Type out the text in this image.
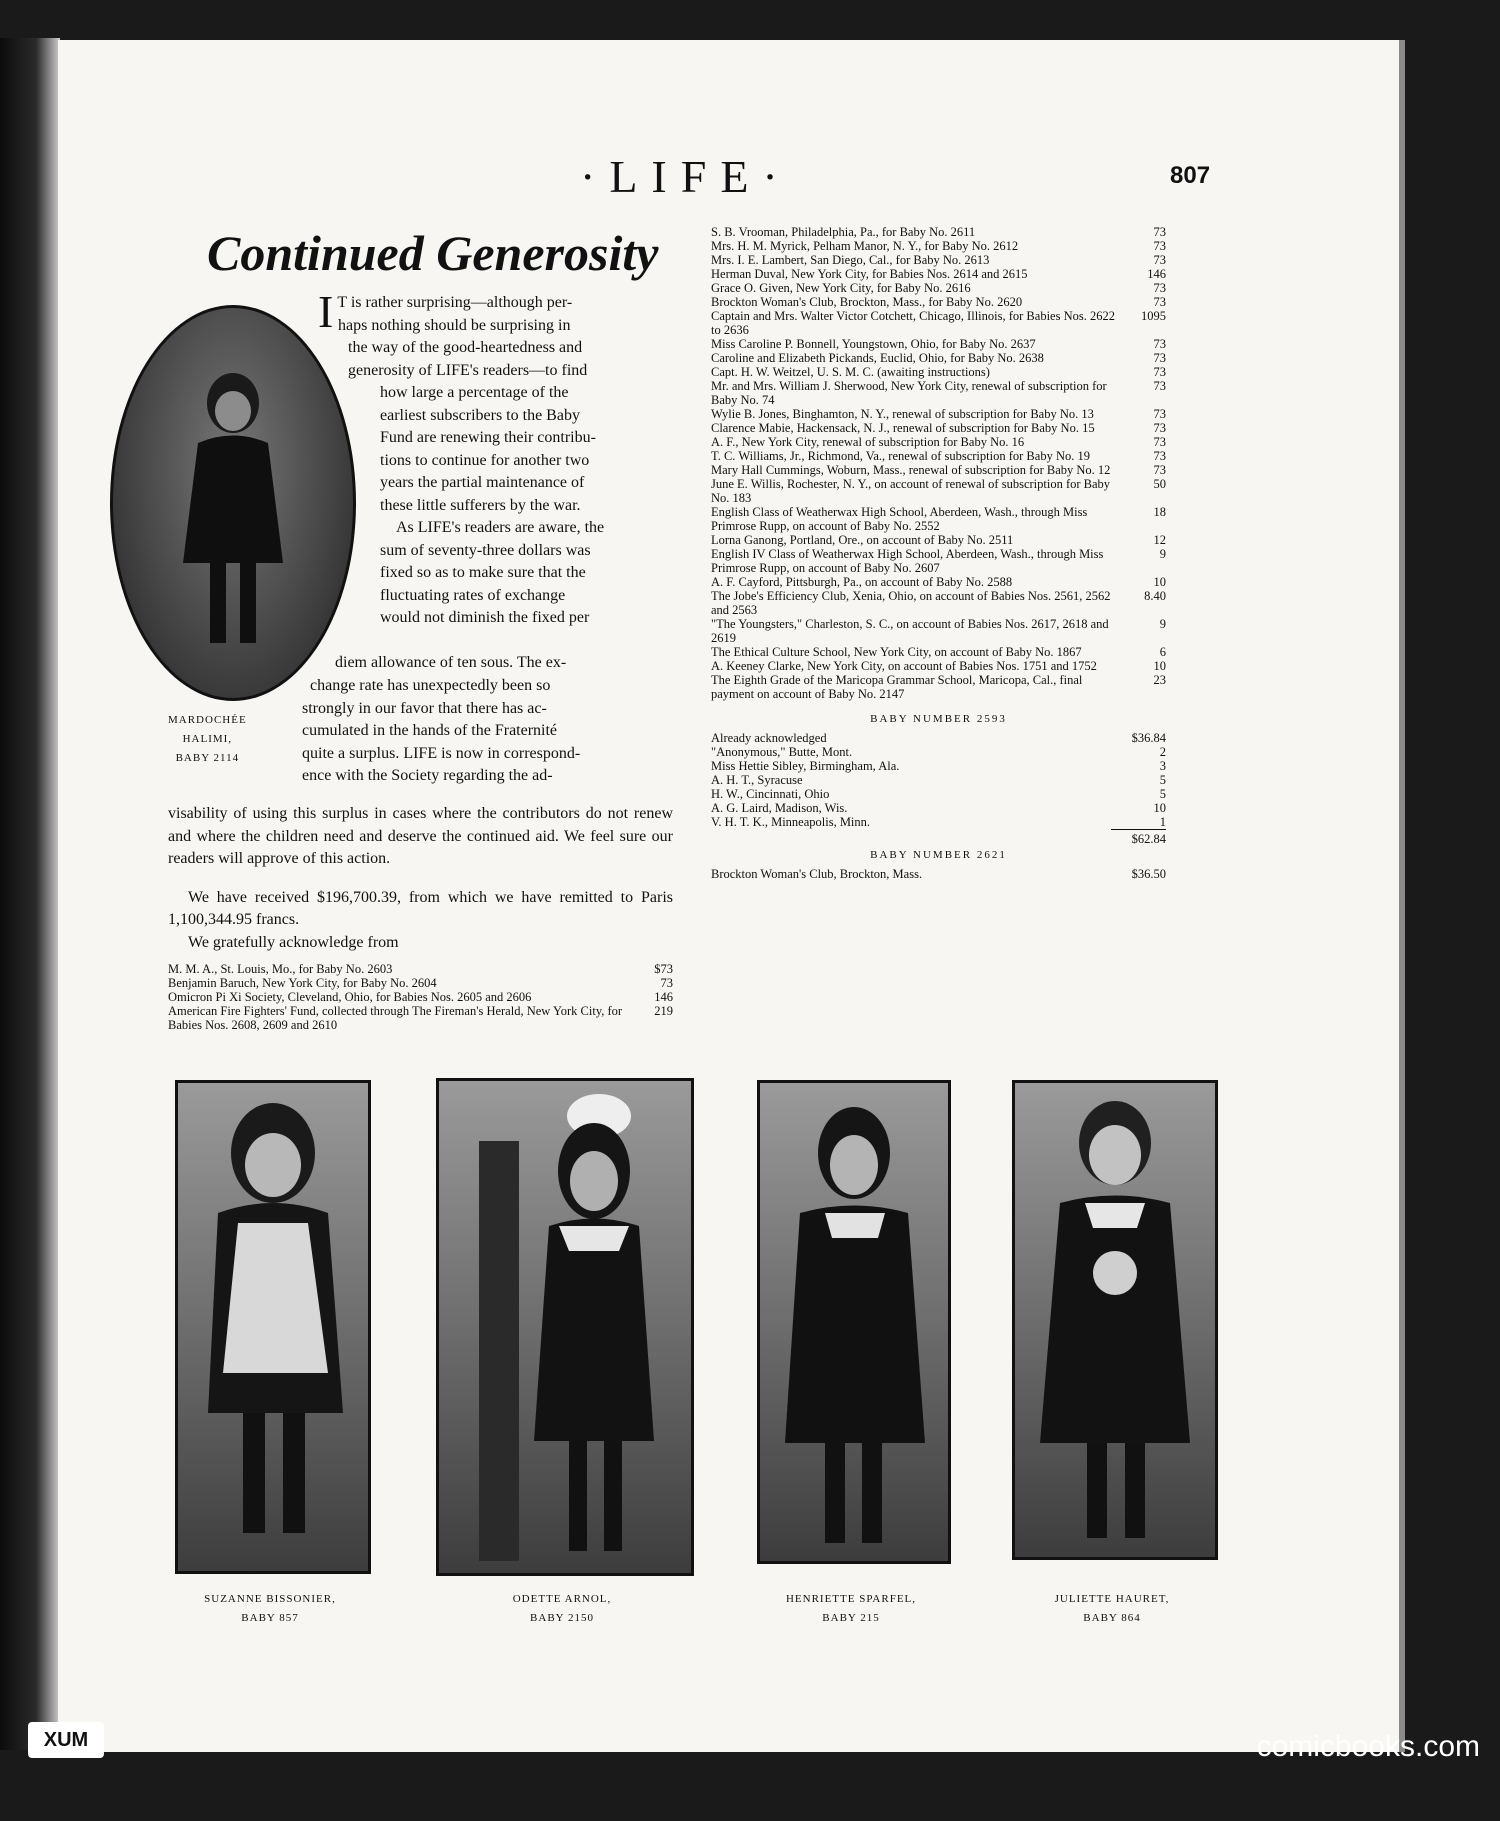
·LIFE·	807
Continued Generosity
MARDOCHÉE
HALIMI,
BABY 2114
I T is rather surprising—although per-
haps nothing should be surprising in
the way of the good-heartedness and
generosity of LIFE's readers—to find
how large a percentage of the
earliest subscribers to the Baby
Fund are renewing their contribu-
tions to continue for another two
years the partial maintenance of
these little sufferers by the war.
As LIFE's readers are aware, the
sum of seventy-three dollars was
fixed so as to make sure that the
fluctuating rates of exchange
would not diminish the fixed per
diem allowance of ten sous. The ex-
change rate has unexpectedly been so
strongly in our favor that there has ac-
cumulated in the hands of the Fraternité
quite a surplus. LIFE is now in correspond-
ence with the Society regarding the ad-

visability of using this surplus in cases where the contributors do not renew and where the children need and deserve the continued aid. We feel sure our readers will approve of this action.

We have received $196,700.39, from which we have remitted to Paris 1,100,344.95 francs.

We gratefully acknowledge from

M. M. A., St. Louis, Mo., for Baby No. 2603	$73
Benjamin Baruch, New York City, for Baby No. 2604	73
Omicron Pi Xi Society, Cleveland, Ohio, for Babies Nos. 2605 and 2606	146
American Fire Fighters' Fund, collected through The Fireman's Herald, New York City, for Babies Nos. 2608, 2609 and 2610
219
S. B. Vrooman, Philadelphia, Pa., for Baby No. 2611	73
Mrs. H. M. Myrick, Pelham Manor, N. Y., for Baby No. 2612	73
Mrs. I. E. Lambert, San Diego, Cal., for Baby No. 2613	73
Herman Duval, New York City, for Babies Nos. 2614 and 2615	146
Grace O. Given, New York City, for Baby No. 2616	73
Brockton Woman's Club, Brockton, Mass., for Baby No. 2620	73
Captain and Mrs. Walter Victor Cotchett, Chicago, Illinois, for Babies Nos. 2622 to 2636
1095
Miss Caroline P. Bonnell, Youngstown, Ohio, for Baby No. 2637	73
Caroline and Elizabeth Pickands, Euclid, Ohio, for Baby No. 2638	73
Capt. H. W. Weitzel, U. S. M. C. (awaiting instructions)	73
Mr. and Mrs. William J. Sherwood, New York City, renewal of subscription for Baby No. 74
73
Wylie B. Jones, Binghamton, N. Y., renewal of subscription for Baby No. 13	73
Clarence Mabie, Hackensack, N. J., renewal of subscription for Baby No. 15	73
A. F., New York City, renewal of subscription for Baby No. 16	73
T. C. Williams, Jr., Richmond, Va., renewal of subscription for Baby No. 19	73
Mary Hall Cummings, Woburn, Mass., renewal of subscription for Baby No. 12	73
June E. Willis, Rochester, N. Y., on account of renewal of subscription for Baby No. 183
50
English Class of Weatherwax High School, Aberdeen, Wash., through Miss Primrose Rupp, on account of Baby No. 2552
18
Lorna Ganong, Portland, Ore., on account of Baby No. 2511	12
English IV Class of Weatherwax High School, Aberdeen, Wash., through Miss Primrose Rupp, on account of Baby No. 2607
9
A. F. Cayford, Pittsburgh, Pa., on account of Baby No. 2588	10
The Jobe's Efficiency Club, Xenia, Ohio, on account of Babies Nos. 2561, 2562 and 2563
8.40
"The Youngsters," Charleston, S. C., on account of Babies Nos. 2617, 2618 and 2619
9
The Ethical Culture School, New York City, on account of Baby No. 1867	6
A. Keeney Clarke, New York City, on account of Babies Nos. 1751 and 1752	10
The Eighth Grade of the Maricopa Grammar School, Maricopa, Cal., final payment on account of Baby No. 2147
23
BABY NUMBER 2593
Already acknowledged	$36.84
"Anonymous," Butte, Mont.	2
Miss Hettie Sibley, Birmingham, Ala.	3
A. H. T., Syracuse	5
H. W., Cincinnati, Ohio	5
A. G. Laird, Madison, Wis.	10
V. H. T. K., Minneapolis, Minn.	1
$62.84
BABY NUMBER 2621
Brockton Woman's Club, Brockton, Mass.	$36.50
SUZANNE BISSONIER,
BABY 857
ODETTE ARNOL,
BABY 2150
HENRIETTE SPARFEL,
BABY 215
JULIETTE HAURET,
BABY 864
XUM	comicbooks.com
